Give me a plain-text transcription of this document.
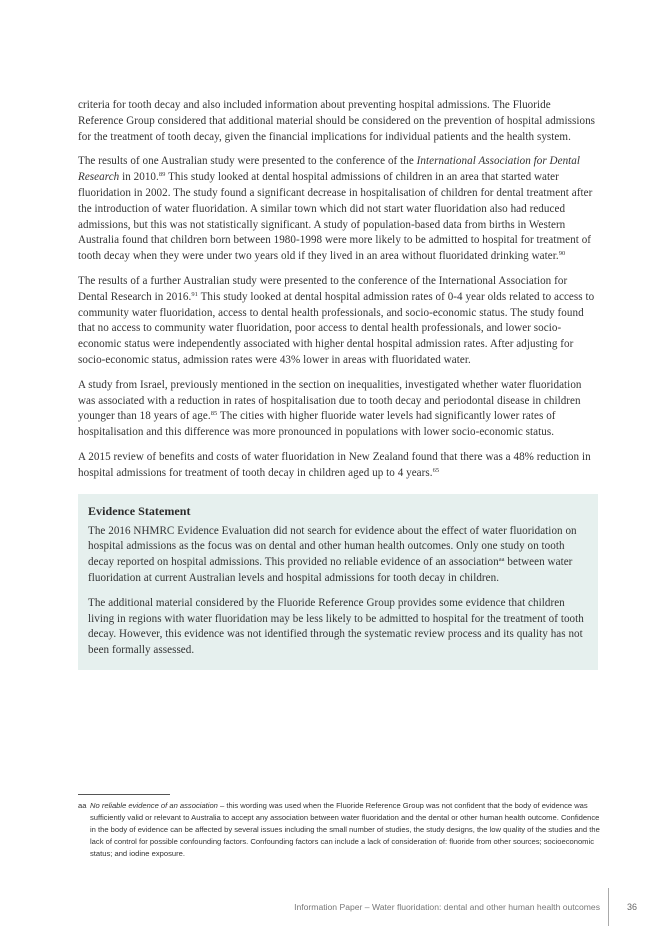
criteria for tooth decay and also included information about preventing hospital admissions. The Fluoride Reference Group considered that additional material should be considered on the prevention of hospital admissions for the treatment of tooth decay, given the financial implications for individual patients and the health system.

The results of one Australian study were presented to the conference of the International Association for Dental Research in 2010.89 This study looked at dental hospital admissions of children in an area that started water fluoridation in 2002. The study found a significant decrease in hospitalisation of children for dental treatment after the introduction of water fluoridation. A similar town which did not start water fluoridation also had reduced admissions, but this was not statistically significant. A study of population-based data from births in Western Australia found that children born between 1980-1998 were more likely to be admitted to hospital for treatment of tooth decay when they were under two years old if they lived in an area without fluoridated drinking water.$^{90}$

The results of a further Australian study were presented to the conference of the International Association for Dental Research in 2016.91 This study looked at dental hospital admission rates of 0-4 year olds related to access to community water fluoridation, access to dental health professionals, and socio-economic status. The study found that no access to community water fluoridation, poor access to dental health professionals, and lower socio-economic status were independently associated with higher dental hospital admission rates. After adjusting for socio-economic status, admission rates were 43% lower in areas with fluoridated water.

A study from Israel, previously mentioned in the section on inequalities, investigated whether water fluoridation was associated with a reduction in rates of hospitalisation due to tooth decay and periodontal disease in children younger than 18 years of age.$^{85}$ The cities with higher fluoride water levels had significantly lower rates of hospitalisation and this difference was more pronounced in populations with lower socio-economic status.

A 2015 review of benefits and costs of water fluoridation in New Zealand found that there was a 48% reduction in hospital admissions for treatment of tooth decay in children aged up to 4 years.$^{65}$

Evidence Statement

The 2016 NHMRC Evidence Evaluation did not search for evidence about the effect of water fluoridation on hospital admissions as the focus was on dental and other human health outcomes. Only one study on tooth decay reported on hospital admissions. This provided no reliable evidence of an association$^{aa}$ between water fluoridation at current Australian levels and hospital admissions for tooth decay in children.

The additional material considered by the Fluoride Reference Group provides some evidence that children living in regions with water fluoridation may be less likely to be admitted to hospital for the treatment of tooth decay. However, this evidence was not identified through the systematic review process and its quality has not been formally assessed.

aa No reliable evidence of an association – this wording was used when the Fluoride Reference Group was not confident that the body of evidence was sufficiently valid or relevant to Australia to accept any association between water fluoridation and the dental or other human health outcome. Confidence in the body of evidence can be affected by several issues including the small number of studies, the study designs, the low quality of the studies and the lack of control for possible confounding factors. Confounding factors can include a lack of consideration of: fluoride from other sources; socioeconomic status; and iodine exposure.
Information Paper – Water fluoridation: dental and other human health outcomes	36
